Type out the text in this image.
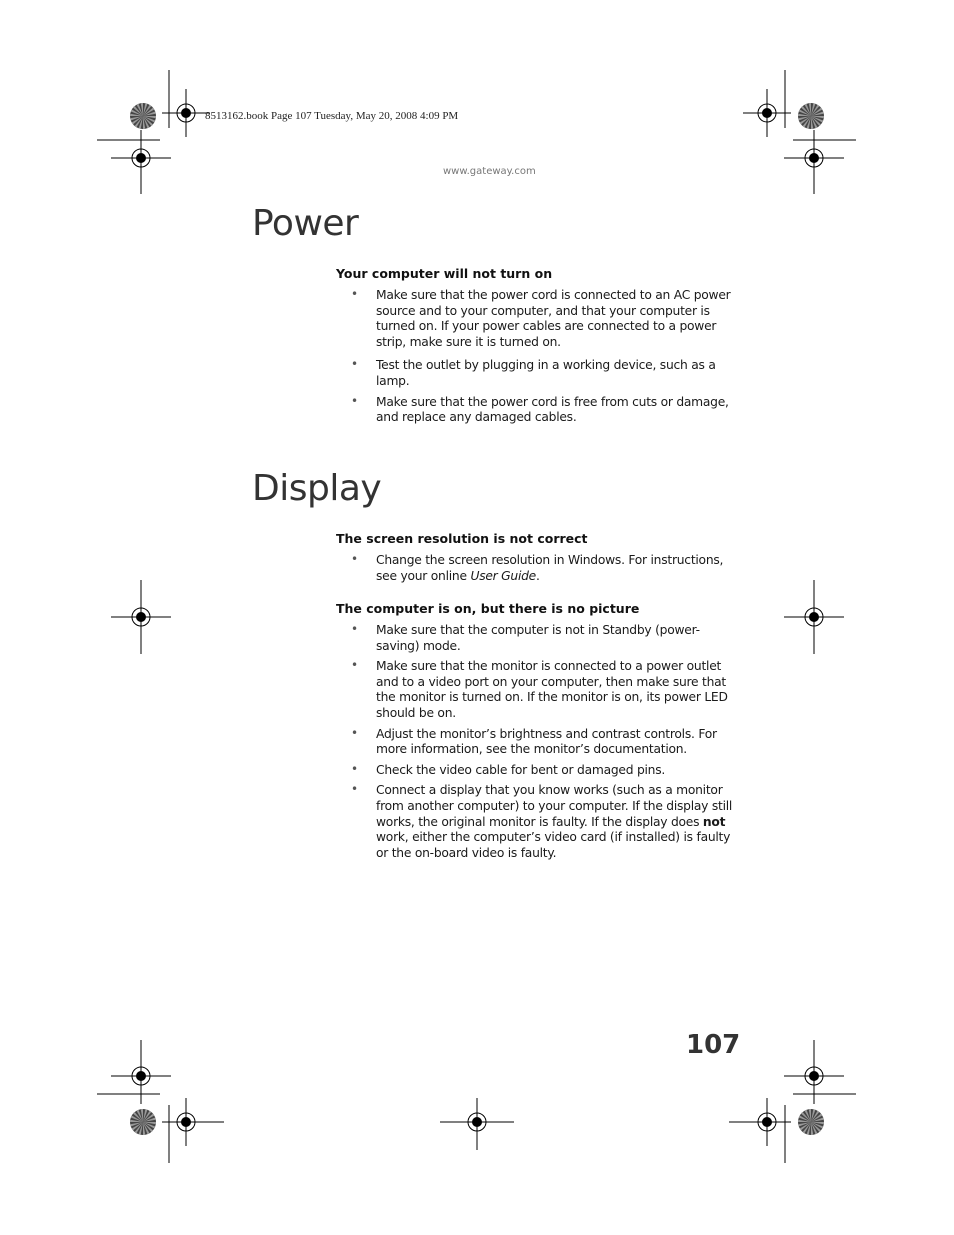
8513162.book Page 107 Tuesday, May 20, 2008 4:09 PM
www.gateway.com
Power
Your computer will not turn on
• Make sure that the power cord is connected to an AC power source and to your computer, and that your computer is turned on. If your power cables are connected to a power strip, make sure it is turned on.
• Test the outlet by plugging in a working device, such as a lamp.
• Make sure that the power cord is free from cuts or damage, and replace any damaged cables.
Display
The screen resolution is not correct
• Change the screen resolution in Windows. For instructions, see your online User Guide.
The computer is on, but there is no picture
• Make sure that the computer is not in Standby (power-saving) mode.
• Make sure that the monitor is connected to a power outlet and to a video port on your computer, then make sure that the monitor is turned on. If the monitor is on, its power LED should be on.
• Adjust the monitor’s brightness and contrast controls. For more information, see the monitor’s documentation.
• Check the video cable for bent or damaged pins.
• Connect a display that you know works (such as a monitor from another computer) to your computer. If the display still works, the original monitor is faulty. If the display does not work, either the computer’s video card (if installed) is faulty or the on-board video is faulty.
107
